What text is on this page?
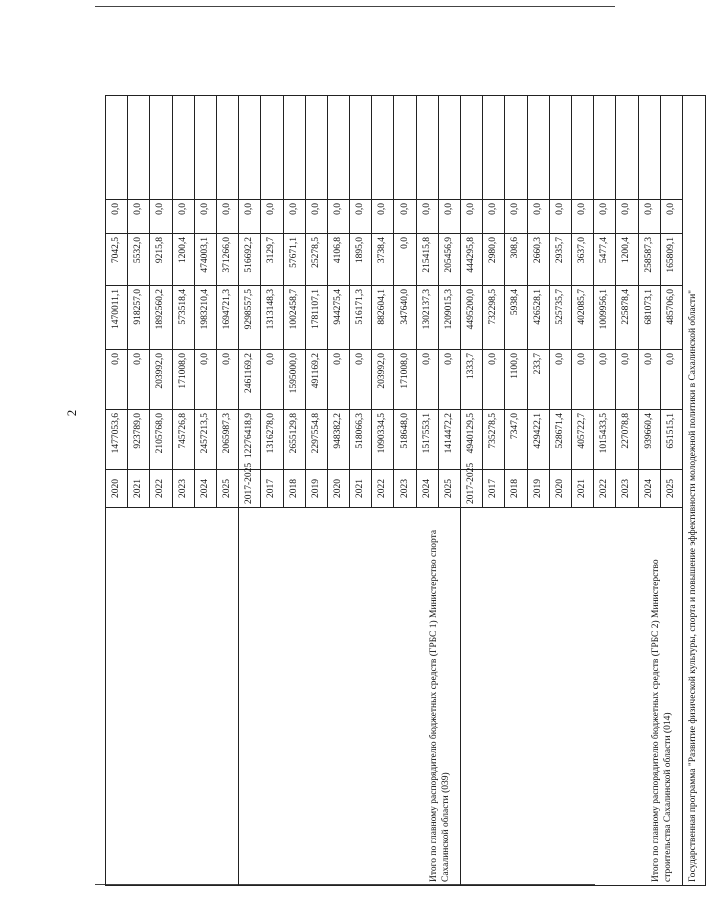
2
	2020	1477053,6	0,0	1470011,1	7042,5	0,0	
	2021	923789,0	0,0	918257,0	5532,0	0,0	
	2022	2105768,0	203992,0	1892560,2	9215,8	0,0	
	2023	745726,8	171008,0	573518,4	1200,4	0,0	
	2024	2457213,5	0,0	1983210,4	474003,1	0,0	
	2025	2065987,3	0,0	1694721,3	371266,0	0,0	
Итого по главному распорядителю бюджетных средств (ГРБС 1) Министерство спорта Сахалинской области (039)	2017-2025	12276418,9	2461169,2	9298557,5	516692,2	0,0	
	2017	1316278,0	0,0	1313148,3	3129,7	0,0	
	2018	2655129,8	1595000,0	1002458,7	57671,1	0,0	
	2019	2297554,8	491169,2	1781107,1	25278,5	0,0	
	2020	948382,2	0,0	944275,4	4106,8	0,0	
	2021	518066,3	0,0	516171,3	1895,0	0,0	
	2022	1090334,5	203992,0	882604,1	3738,4	0,0	
	2023	518648,0	171008,0	347640,0	0,0	0,0	
	2024	1517553,1	0,0	1302137,3	215415,8	0,0	
	2025	1414472,2	0,0	1209015,3	205456,9	0,0	
Итого по главному распорядителю бюджетных средств (ГРБС 2) Министерство строительства Сахалинской области (014)	2017-2025	4940129,5	1333,7	4495200,0	444295,8	0,0	
	2017	735278,5	0,0	732298,5	2980,0	0,0	
	2018	7347,0	1100,0	5938,4	308,6	0,0	
	2019	429422,1	233,7	426528,1	2660,3	0,0	
	2020	528671,4	0,0	525735,7	2935,7	0,0	
	2021	405722,7	0,0	402085,7	3637,0	0,0	
	2022	1015433,5	0,0	1009956,1	5477,4	0,0	
	2023	227078,8	0,0	225878,4	1200,4	0,0	
	2024	939660,4	0,0	681073,1	258587,3	0,0	
	2025	651515,1	0,0	485706,0	165809,1	0,0	
Государственная программа "Развитие физической культуры, спорта и повышение эффективности молодежной политики в Сахалинской области"							
